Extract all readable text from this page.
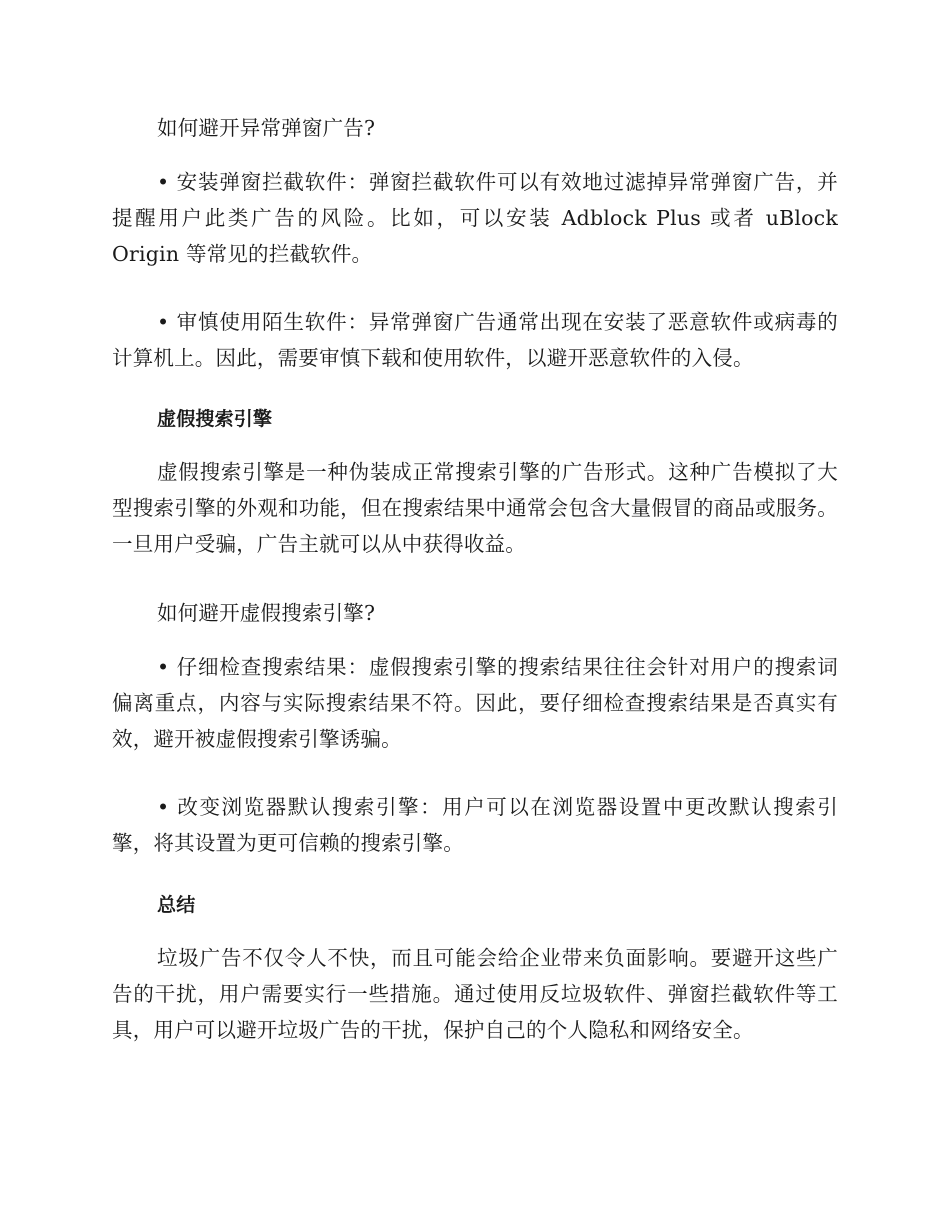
如何避开异常弹窗广告?

• 安装弹窗拦截软件：弹窗拦截软件可以有效地过滤掉异常弹窗广告，并提醒用户此类广告的风险。比如，可以安装 Adblock Plus 或者 uBlock Origin 等常见的拦截软件。

• 审慎使用陌生软件：异常弹窗广告通常出现在安装了恶意软件或病毒的计算机上。因此，需要审慎下载和使用软件，以避开恶意软件的入侵。

虚假搜索引擎

虚假搜索引擎是一种伪装成正常搜索引擎的广告形式。这种广告模拟了大型搜索引擎的外观和功能，但在搜索结果中通常会包含大量假冒的商品或服务。一旦用户受骗，广告主就可以从中获得收益。

如何避开虚假搜索引擎?

• 仔细检查搜索结果：虚假搜索引擎的搜索结果往往会针对用户的搜索词偏离重点，内容与实际搜索结果不符。因此，要仔细检查搜索结果是否真实有效，避开被虚假搜索引擎诱骗。

• 改变浏览器默认搜索引擎：用户可以在浏览器设置中更改默认搜索引擎，将其设置为更可信赖的搜索引擎。

总结

垃圾广告不仅令人不快，而且可能会给企业带来负面影响。要避开这些广告的干扰，用户需要实行一些措施。通过使用反垃圾软件、弹窗拦截软件等工具，用户可以避开垃圾广告的干扰，保护自己的个人隐私和网络安全。
